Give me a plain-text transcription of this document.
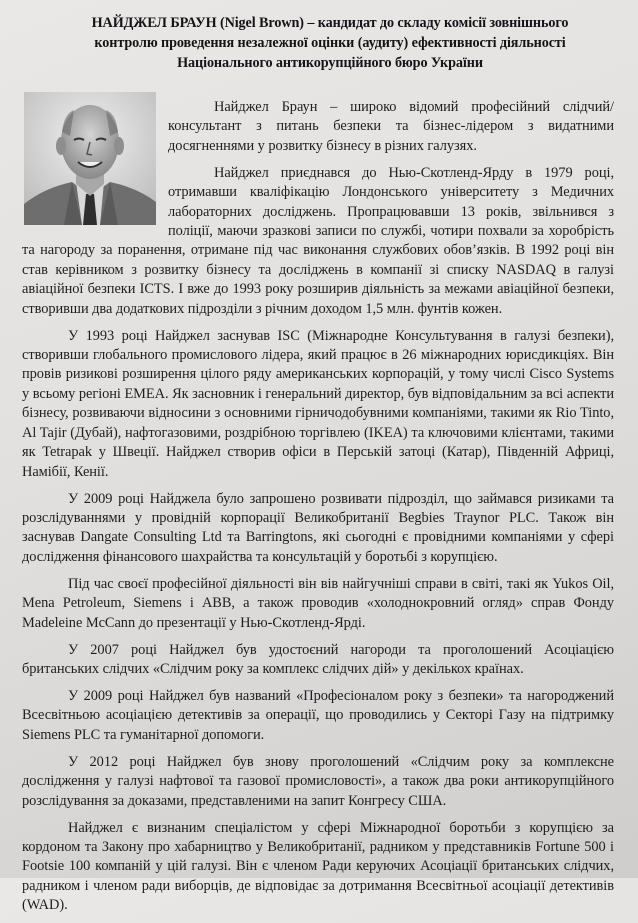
НАЙДЖЕЛ БРАУН (Nigel Brown) – кандидат до складу комісії зовнішнього
контролю проведення незалежної оцінки (аудиту) ефективності діяльності
Національного антикорупційного бюро України

Найджел Браун – широко відомий професійний слідчий/консультант з питань безпеки та бізнес-лідером з видатними досягненнями у розвитку бізнесу в різних галузях.

Найджел приєднався до Нью-Скотленд-Ярду в 1979 році, отримавши кваліфікацію Лондонського університету з Медичних лабораторних досліджень. Пропрацювавши 13 років, звільнився з поліції, маючи зразкові записи по службі, чотири похвали за хоробрість та нагороду за поранення, отримане під час виконання службових обов’язків. В 1992 році він став керівником з розвитку бізнесу та досліджень в компанії зі списку NASDAQ в галузі авіаційної безпеки ICTS. І вже до 1993 року розширив діяльність за межами авіаційної безпеки, створивши два додаткових підрозділи з річним доходом 1,5 млн. фунтів кожен.

У 1993 році Найджел заснував ISC (Міжнародне Консультування в галузі безпеки), створивши глобального промислового лідера, який працює в 26 міжнародних юрисдикціях. Він провів ризикові розширення цілого ряду американських корпорацій, у тому числі Cisco Systems у всьому регіоні EMEA. Як засновник і генеральний директор, був відповідальним за всі аспекти бізнесу, розвиваючи відносини з основними гірничодобувними компаніями, такими як Rio Tinto, Al Tajir (Дубай), нафтогазовими, роздрібною торгівлею (IKEA) та ключовими клієнтами, такими як Tetrapak у Швеції. Найджел створив офіси в Перській затоці (Катар), Південній Африці, Намібії, Кенії.

У 2009 році Найджела було запрошено розвивати підрозділ, що займався ризиками та розслідуваннями у провідній корпорації Великобританії Begbies Traynor PLC. Також він заснував Dangate Consulting Ltd та Barringtons, які сьогодні є провідними компаніями у сфері дослідження фінансового шахрайства та консультацій у боротьбі з корупцією.

Під час своєї професійної діяльності він вів найгучніші справи в світі, такі як Yukos Oil, Mena Petroleum, Siemens і ABB, а також проводив «холоднокровний огляд» справ Фонду Madeleine McCann до презентації у Нью-Скотленд-Ярді.

У 2007 році Найджел був удостоєний нагороди та проголошений Асоціацією британських слідчих «Слідчим року за комплекс слідчих дій» у декількох країнах.

У 2009 році Найджел був названий «Професіоналом року з безпеки» та нагороджений Всесвітньою асоціацією детективів за операції, що проводились у Секторі Газу на підтримку Siemens PLC та гуманітарної допомоги.

У 2012 році Найджел був знову проголошений «Слідчим року за комплексне дослідження у галузі нафтової та газової промисловості», а також два роки антикорупційного розслідування за доказами, представленими на запит Конгресу США.

Найджел є визнаним спеціалістом у сфері Міжнародної боротьби з корупцією за кордоном та Закону про хабарництво у Великобританії, радником у представників Fortune 500 і Footsie 100 компаній у цій галузі. Він є членом Ради керуючих Асоціації британських слідчих, радником і членом ради виборців, де відповідає за дотримання Всесвітньої асоціації детективів (WAD).
